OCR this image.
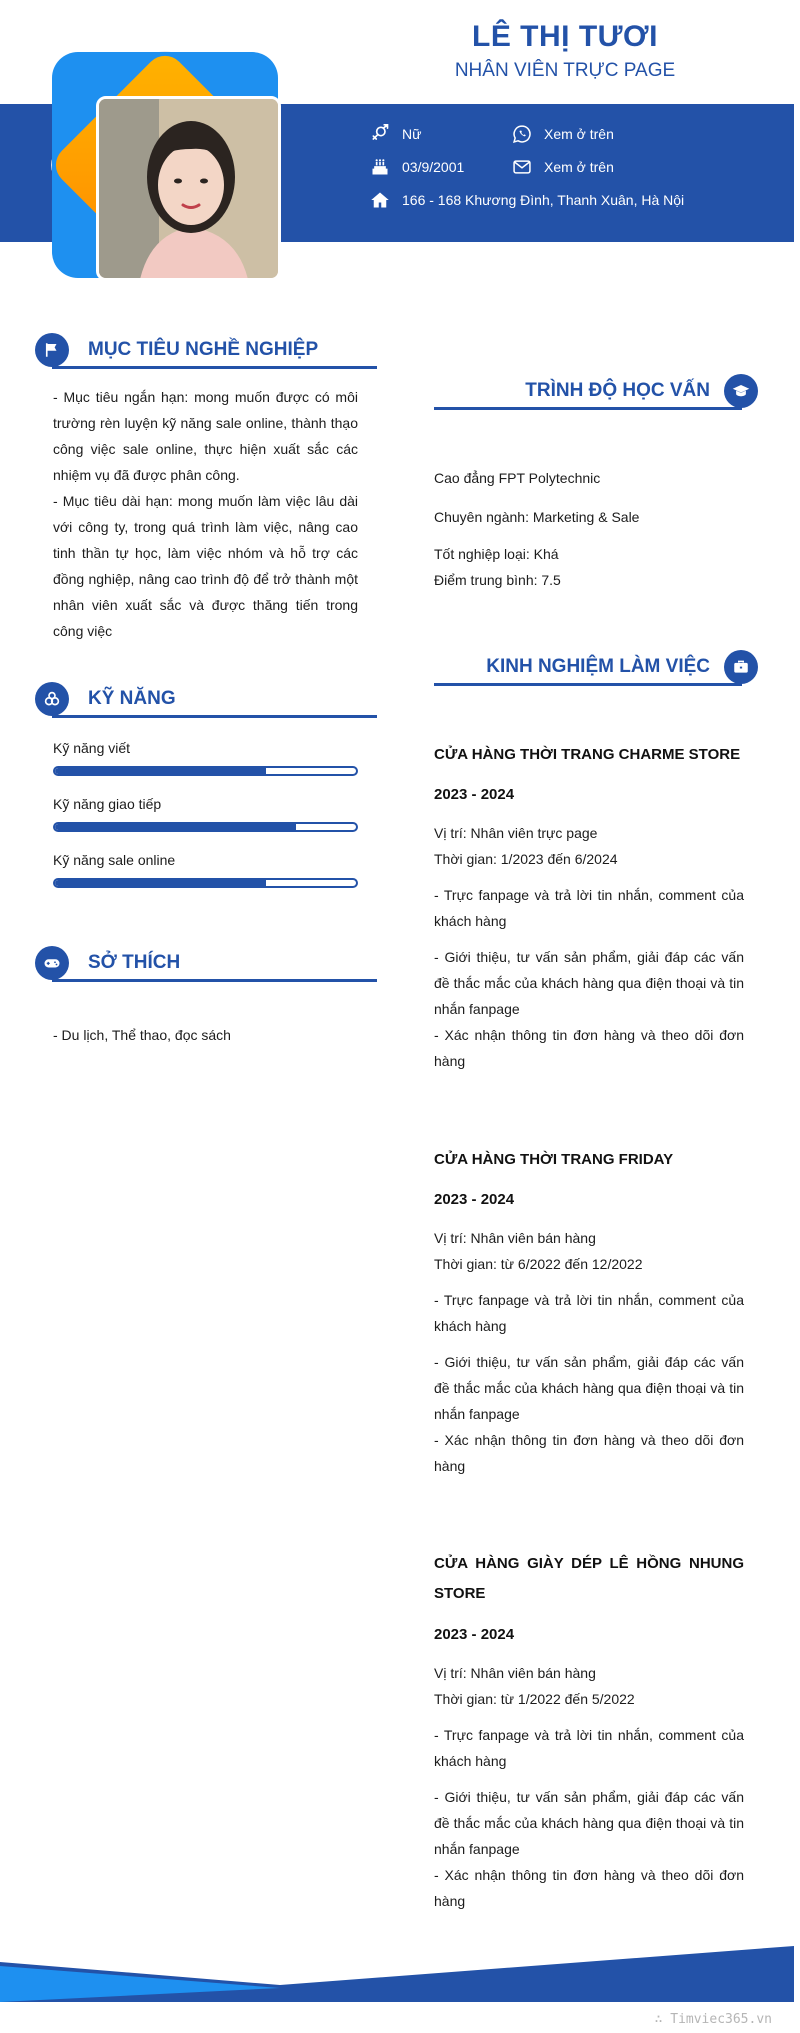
LÊ THỊ TƯƠI
NHÂN VIÊN TRỰC PAGE
Nữ	Xem ở trên
03/9/2001	Xem ở trên
166 - 168 Khương Đình, Thanh Xuân, Hà Nội
MỤC TIÊU NGHỀ NGHIỆP
- Mục tiêu ngắn hạn: mong muốn được có môi trường rèn luyện kỹ năng sale online, thành thạo công việc sale online, thực hiện xuất sắc các nhiệm vụ đã được phân công.
- Mục tiêu dài hạn: mong muốn làm việc lâu dài với công ty, trong quá trình làm việc, nâng cao tinh thần tự học, làm việc nhóm và hỗ trợ các đồng nghiệp, nâng cao trình độ để trở thành một nhân viên xuất sắc và được thăng tiến trong công việc
KỸ NĂNG
Kỹ năng viết
Kỹ năng giao tiếp
Kỹ năng sale online
SỞ THÍCH
- Du lịch, Thể thao, đọc sách
TRÌNH ĐỘ HỌC VẤN
Cao đẳng FPT Polytechnic
Chuyên ngành: Marketing & Sale
Tốt nghiệp loại: Khá
Điểm trung bình: 7.5
KINH NGHIỆM LÀM VIỆC
CỬA HÀNG THỜI TRANG CHARME STORE
2023 - 2024
Vị trí: Nhân viên trực page
Thời gian: 1/2023 đến 6/2024
- Trực fanpage và trả lời tin nhắn, comment của khách hàng
- Giới thiệu, tư vấn sản phẩm, giải đáp các vấn đề thắc mắc của khách hàng qua điện thoại và tin nhắn fanpage
- Xác nhận thông tin đơn hàng và theo dõi đơn hàng
CỬA HÀNG THỜI TRANG FRIDAY
2023 - 2024
Vị trí: Nhân viên bán hàng
Thời gian: từ 6/2022 đến 12/2022
- Trực fanpage và trả lời tin nhắn, comment của khách hàng
- Giới thiệu, tư vấn sản phẩm, giải đáp các vấn đề thắc mắc của khách hàng qua điện thoại và tin nhắn fanpage
- Xác nhận thông tin đơn hàng và theo dõi đơn hàng
CỬA HÀNG GIÀY DÉP LÊ HỒNG NHUNG STORE
2023 - 2024
Vị trí: Nhân viên bán hàng
Thời gian: từ 1/2022 đến 5/2022
- Trực fanpage và trả lời tin nhắn, comment của khách hàng
- Giới thiệu, tư vấn sản phẩm, giải đáp các vấn đề thắc mắc của khách hàng qua điện thoại và tin nhắn fanpage
- Xác nhận thông tin đơn hàng và theo dõi đơn hàng
∴ Timviec365.vn
